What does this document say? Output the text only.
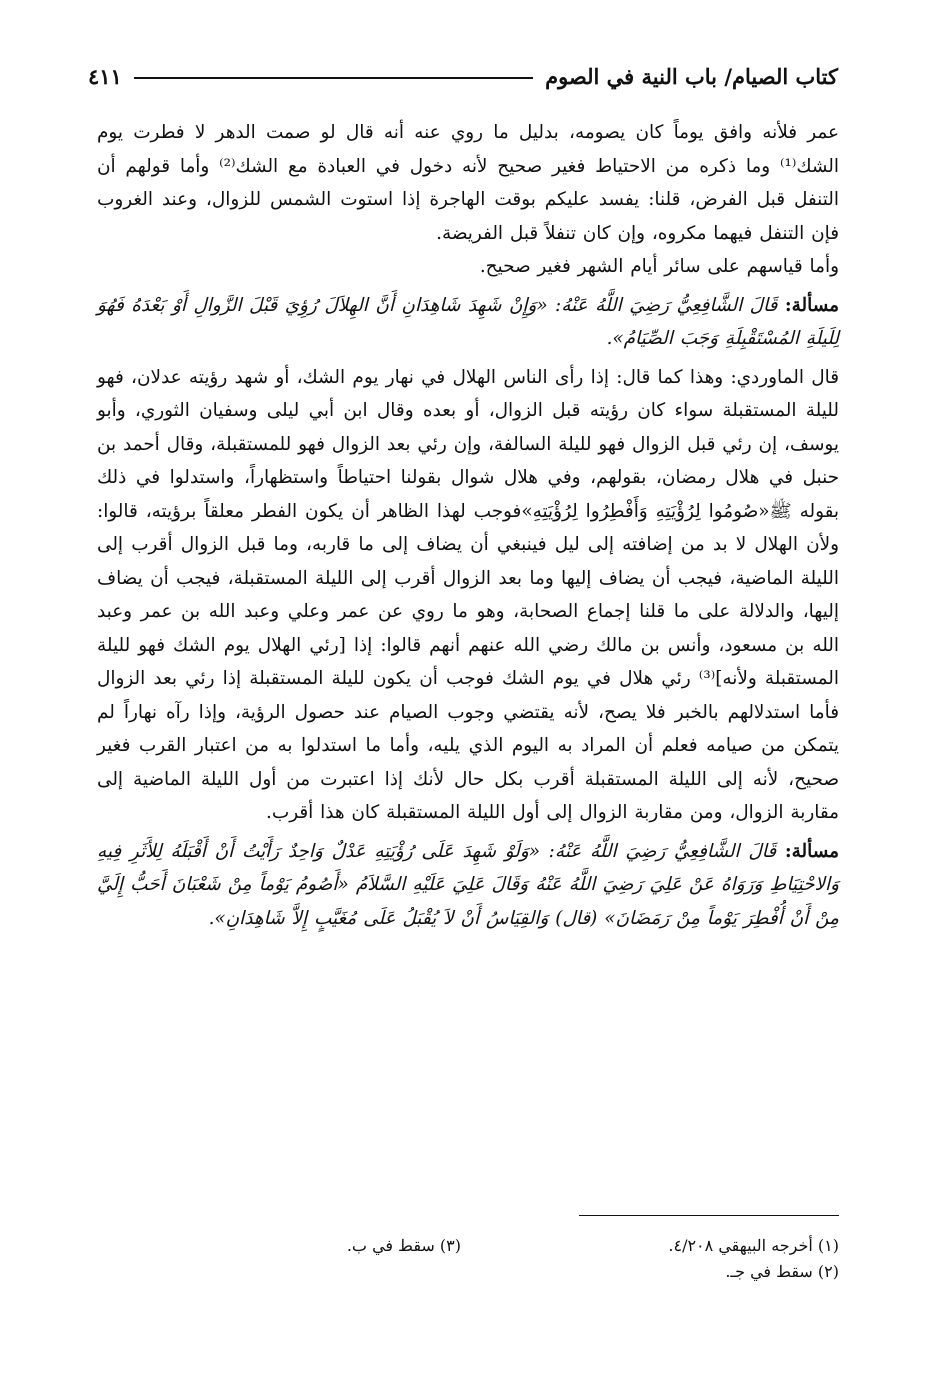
كتاب الصيام/ باب النية في الصوم
٤١١

عمر فلأنه وافق يوماً كان يصومه، بدليل ما روي عنه أنه قال لو صمت الدهر لا فطرت يوم الشك⁽¹⁾ وما ذكره من الاحتياط فغير صحيح لأنه دخول في العبادة مع الشك⁽²⁾ وأما قولهم أن التنفل قبل الفرض، قلنا: يفسد عليكم بوقت الهاجرة إذا استوت الشمس للزوال، وعند الغروب فإن التنفل فيهما مكروه، وإن كان تنفلاً قبل الفريضة.

وأما قياسهم على سائر أيام الشهر فغير صحيح.

مسألة: قَالَ الشَّافِعِيُّ رَضِيَ اللَّهُ عَنْهُ: «وَإِنْ شَهِدَ شَاهِدَانِ أَنَّ الهِلاَلَ رُؤِيَ قَبْلَ الزَّوالِ أَوْ بَعْدَهُ فَهُوَ لِلَيلَةِ المُسْتَقْبِلَةِ وَجَبَ الصِّيَامُ».

قال الماوردي: وهذا كما قال: إذا رأى الناس الهلال في نهار يوم الشك، أو شهد رؤيته عدلان، فهو لليلة المستقبلة سواء كان رؤيته قبل الزوال، أو بعده وقال ابن أبي ليلى وسفيان الثوري، وأبو يوسف، إن رئي قبل الزوال فهو لليلة السالفة، وإن رئي بعد الزوال فهو للمستقبلة، وقال أحمد بن حنبل في هلال رمضان، بقولهم، وفي هلال شوال بقولنا احتياطاً واستظهاراً، واستدلوا في ذلك بقوله ﷺ«صُومُوا لِرُؤْيَتِهِ وَأَفْطِرُوا لِرُؤْيَتِهِ»فوجب لهذا الظاهر أن يكون الفطر معلقاً برؤيته، قالوا: ولأن الهلال لا بد من إضافته إلى ليل فينبغي أن يضاف إلى ما قاربه، وما قبل الزوال أقرب إلى الليلة الماضية، فيجب أن يضاف إليها وما بعد الزوال أقرب إلى الليلة المستقبلة، فيجب أن يضاف إليها، والدلالة على ما قلنا إجماع الصحابة، وهو ما روي عن عمر وعلي وعبد الله بن عمر وعبد الله بن مسعود، وأنس بن مالك رضي الله عنهم أنهم قالوا: إذا [رئي الهلال يوم الشك فهو لليلة المستقبلة ولأنه]⁽³⁾ رئي هلال في يوم الشك فوجب أن يكون لليلة المستقبلة إذا رئي بعد الزوال فأما استدلالهم بالخبر فلا يصح، لأنه يقتضي وجوب الصيام عند حصول الرؤية، وإذا رآه نهاراً لم يتمكن من صيامه فعلم أن المراد به اليوم الذي يليه، وأما ما استدلوا به من اعتبار القرب فغير صحيح، لأنه إلى الليلة المستقبلة أقرب بكل حال لأنك إذا اعتبرت من أول الليلة الماضية إلى مقاربة الزوال، ومن مقاربة الزوال إلى أول الليلة المستقبلة كان هذا أقرب.

مسألة: قَالَ الشَّافِعِيُّ رَضِيَ اللَّهُ عَنْهُ: «وَلَوْ شَهِدَ عَلَى رُؤْيَتِهِ عَدْلٌ وَاحِدٌ رَأَيْتُ أَنْ أَقْبَلَهُ لِلأَثَرِ فِيهِ وَالاحْتِيَاطِ وَرَوَاهُ عَنْ عَلِيَ رَضِيَ اللَّهُ عَنْهُ وَقَالَ عَلِيَ عَلَيْهِ السَّلاَمُ «أَصُومُ يَوْماً مِنْ شَعْبَانَ أَحَبُّ إِلَيَّ مِنْ أَنْ أُفْطِرَ يَوْماً مِنْ رَمَضَانَ» (قال) وَالقِيَاسُ أَنْ لاَ يُقْبَلُ عَلَى مُغَيَّبٍ إِلاَّ شَاهِدَانِ».

(١) أخرجه البيهقي ٤/٢٠٨.
(٢) سقط في جـ.
(٣) سقط في ب.
